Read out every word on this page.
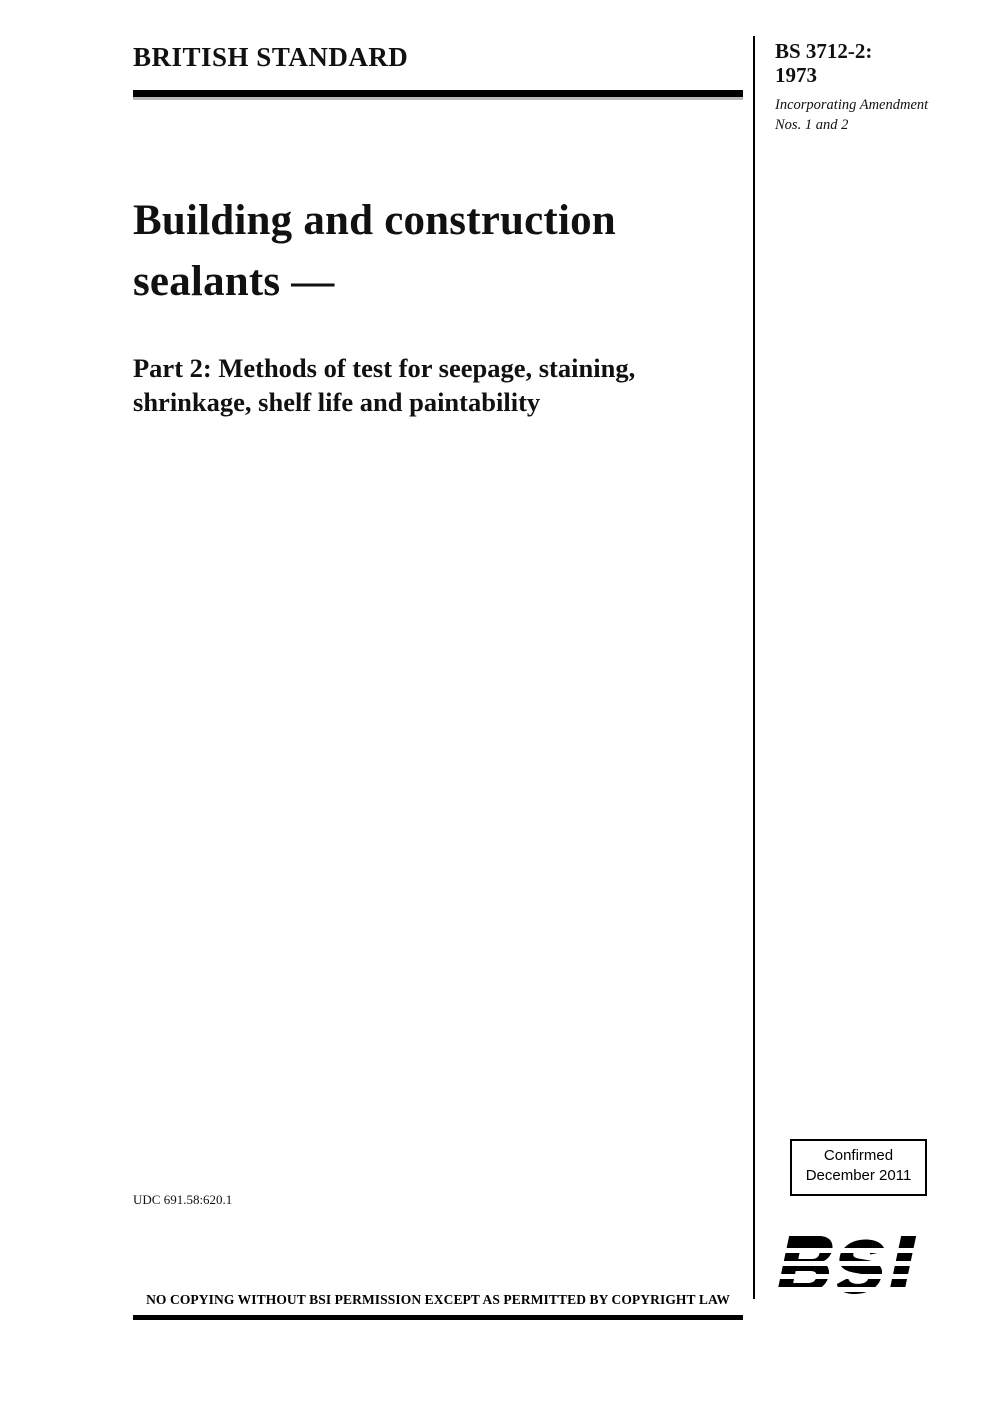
BRITISH STANDARD	BS 3712-2:
1973
Incorporating Amendment Nos. 1 and 2
Building and construction sealants —
Part 2: Methods of test for seepage, staining, shrinkage, shelf life and paintability
UDC 691.58:620.1
Confirmed
December 2011
NO COPYING WITHOUT BSI PERMISSION EXCEPT AS PERMITTED BY COPYRIGHT LAW
